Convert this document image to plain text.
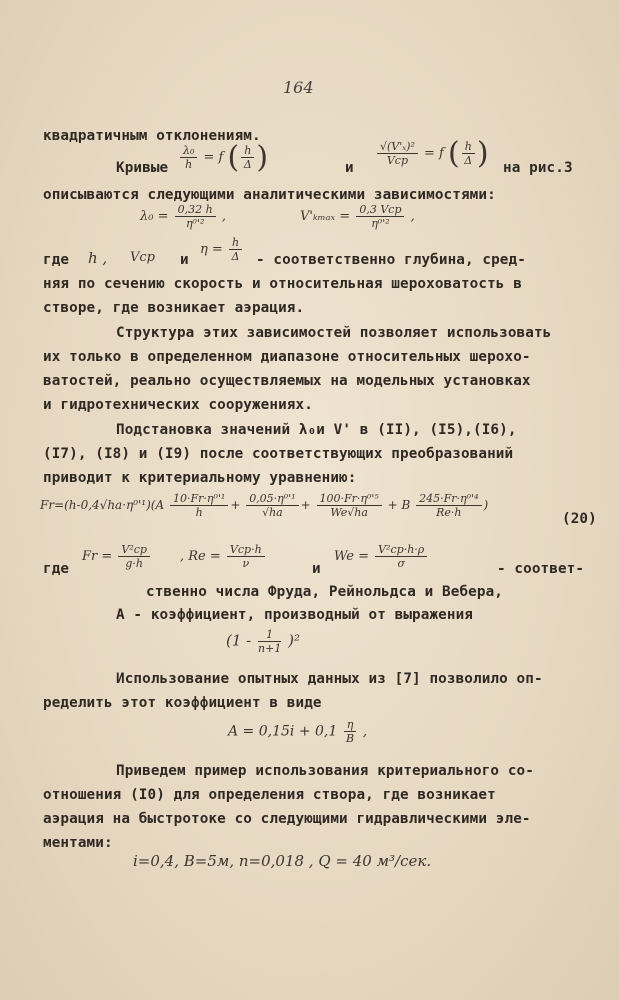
164
квадратичным отклонениям.
Кривые $\frac{\text{λ₀}}{h} = f$ ( $\frac{h}{\Delta}$ )	и
$\frac{\text{√(V'ₓ)²}}{\text{Vср}} = f$ ( $\frac{h}{\Delta}$ ) на рис.3
описываются следующими аналитическими зависимостями:
$\lambda_0 = \frac{0,32 h}{\text{η⁰'²}}$ ,	$V'_{kmax} = \frac{\text{0,3 Vср}}{\text{η⁰'²}}$ ,
где h , Vср и
$\eta = \frac{h}{\Delta}$ - соответственно глубина, сред-
няя по сечению скорость и относительная шероховатость в
створе, где возникает аэрация.
Структура этих зависимостей позволяет использовать
их только в определенном диапазоне относительных шерохо-
ватостей, реально осуществляемых на модельных установках
и гидротехнических сооружениях.
Подстановка значений λ₀и V' в (II), (I5),(I6),
(I7), (I8) и (I9) после соответствующих преобразований
приводит к критериальному уравнению:
$Fr=(h-0,4√hа\cdot\eta^0'^1)(A \frac{\text{10·Fr·η⁰'¹}}{h} + \frac{\text{0,05·η⁰'¹}}{√hа} + \frac{\text{100·Fr·η⁰'⁵}}{We√hа} + B \frac{\text{245·Fr·η⁰'⁴}}{Re\cdot h}$ )
(20)
где
$Fr = \frac{\text{V²ср}}{g\cdot h}$ , $Re = \frac{\text{Vср·h}}{\nu}$	и
$We = \frac{\text{V²ср·h·ρ}}{\sigma}$	- соответ-
ственно числа Фруда, Рейнольдса и Вебера,
А - коэффициент, производный от выражения
$(1 - \frac{1}{n+1} )^2$
Использование опытных данных из [7] позволило оп-
ределить этот коэффициент в виде
$A = 0,15i + 0,1 \frac{\eta}{B}$ ,
Приведем пример использования критериального со-
отношения (I0) для определения створа, где возникает
аэрация на быстротоке со следующими гидравлическими эле-
ментами:
i=0,4, B=5м, n=0,018 , Q = 40 м³/сек.
